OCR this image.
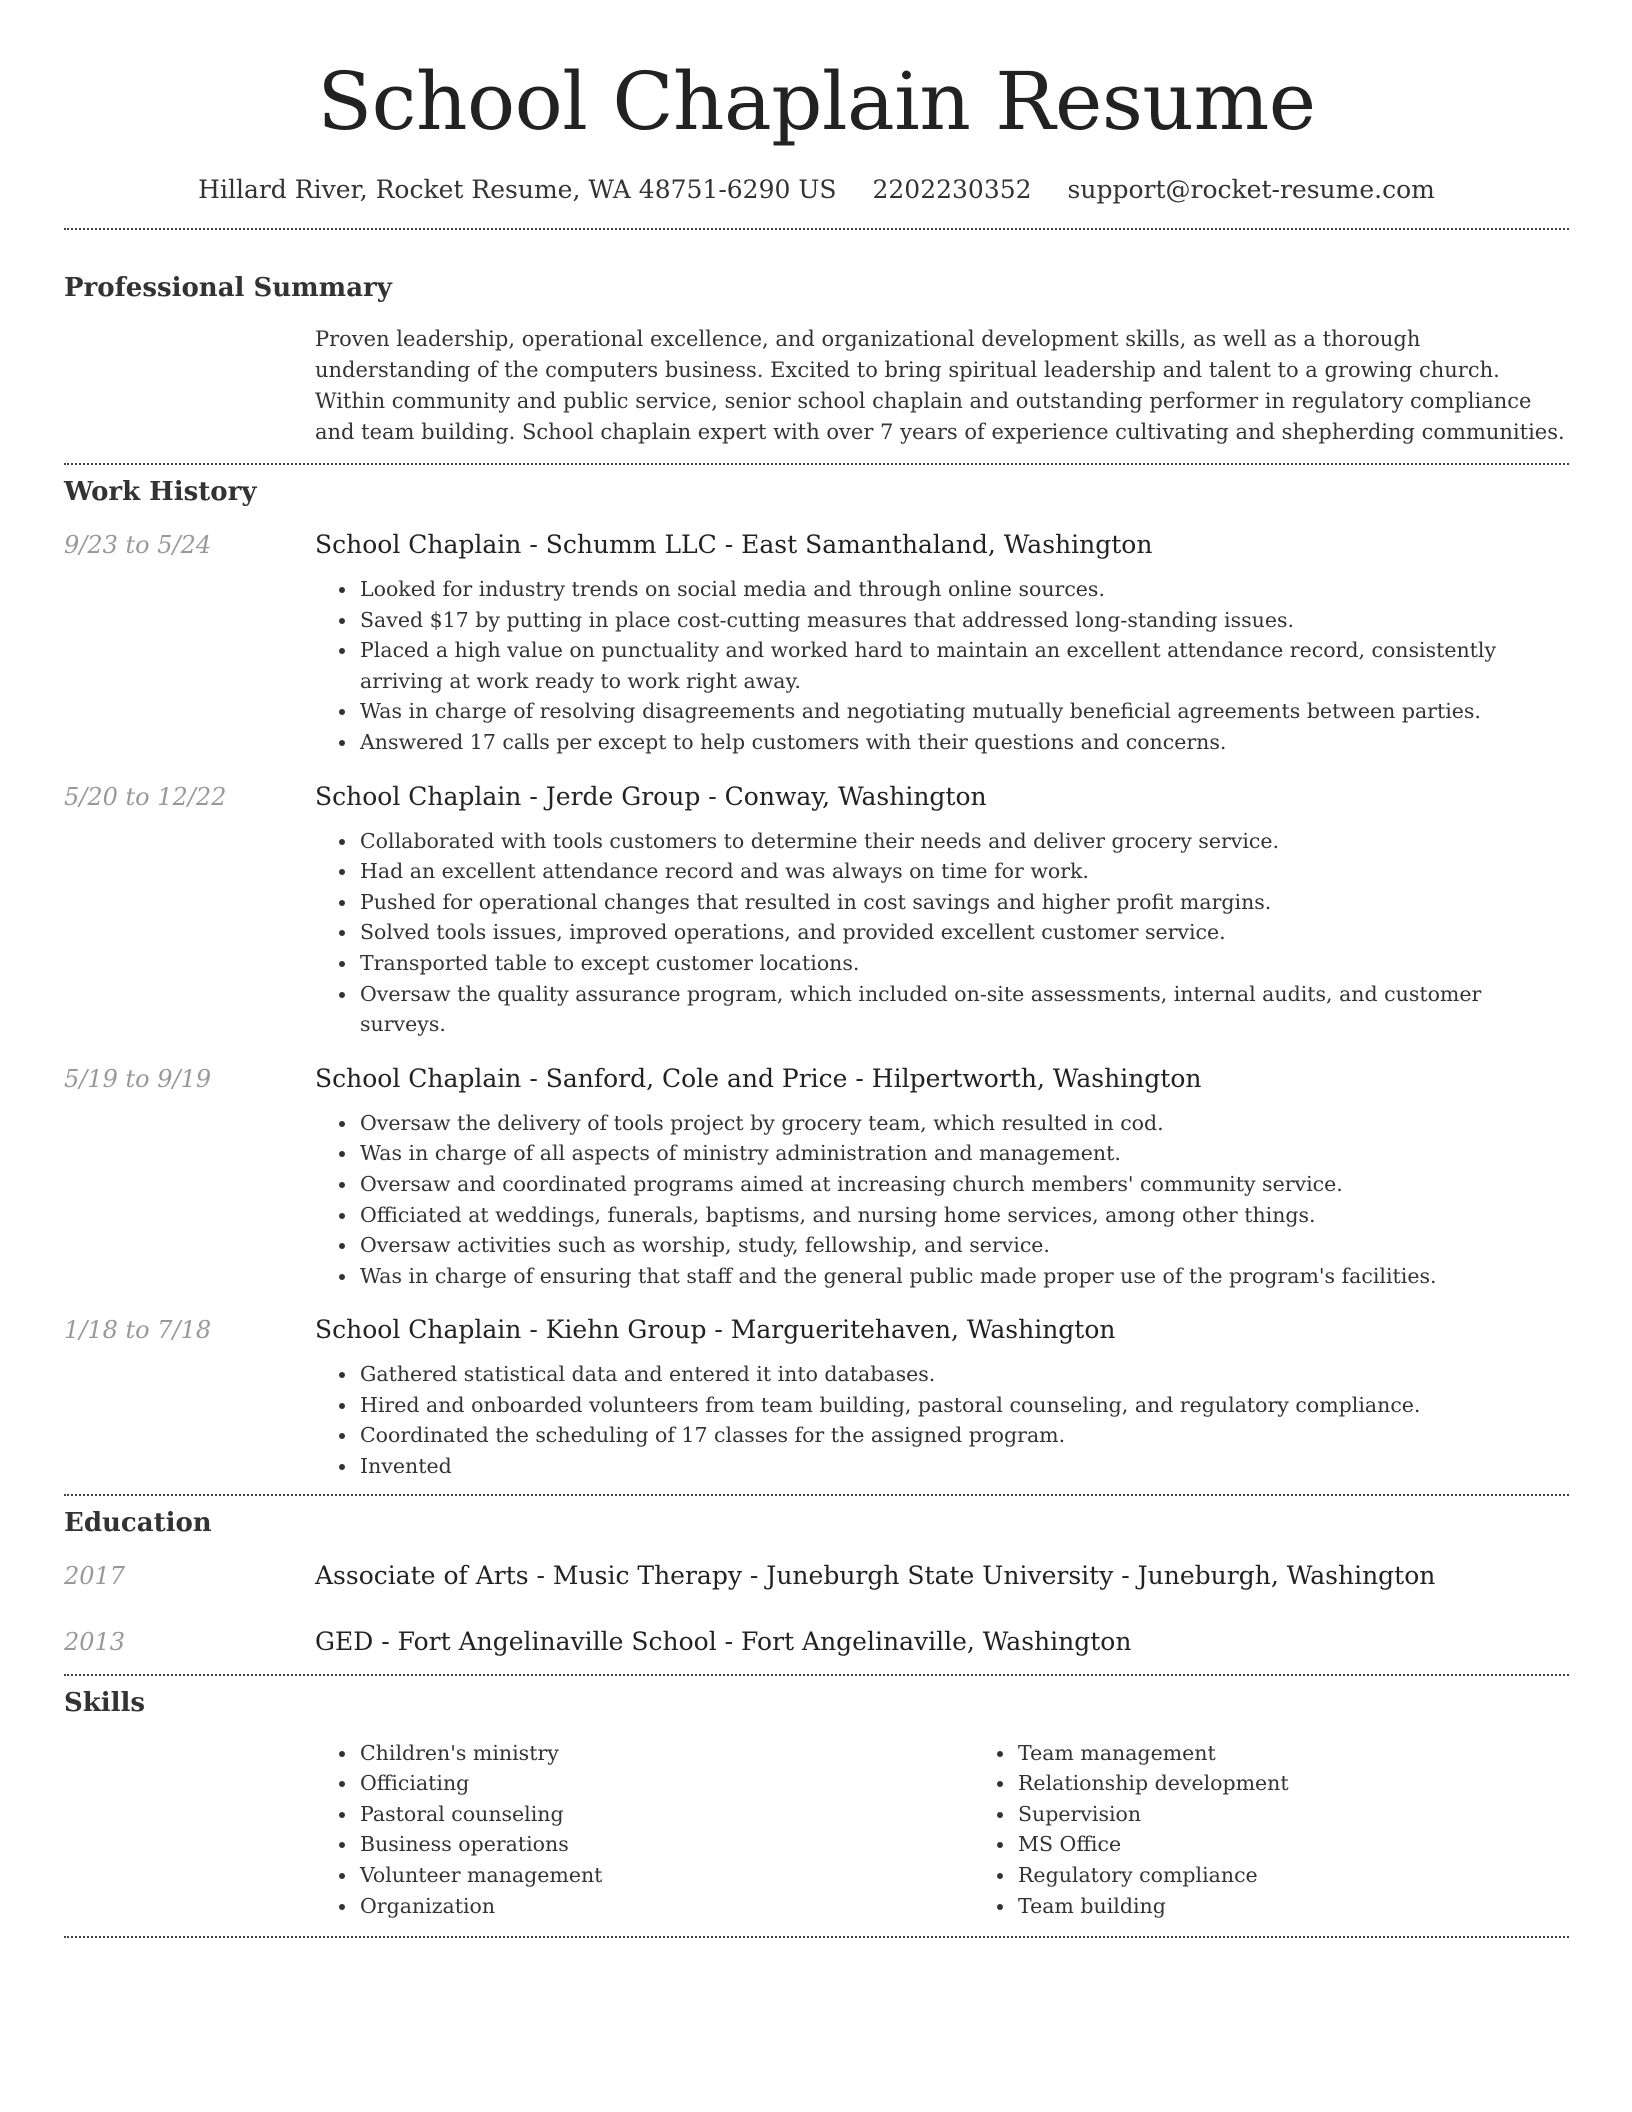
School Chaplain Resume
Hillard River, Rocket Resume, WA 48751-6290 US 2202230352 support@rocket-resume.com
Professional Summary
Proven leadership, operational excellence, and organizational development skills, as well as a thorough understanding of the computers business. Excited to bring spiritual leadership and talent to a growing church. Within community and public service, senior school chaplain and outstanding performer in regulatory compliance and team building. School chaplain expert with over 7 years of experience cultivating and shepherding communities.
Work History
9/23 to 5/24	School Chaplain - Schumm LLC - East Samanthaland, Washington
• Looked for industry trends on social media and through online sources.
• Saved $17 by putting in place cost-cutting measures that addressed long-standing issues.
• Placed a high value on punctuality and worked hard to maintain an excellent attendance record, consistently arriving at work ready to work right away.
• Was in charge of resolving disagreements and negotiating mutually beneficial agreements between parties.
• Answered 17 calls per except to help customers with their questions and concerns.
5/20 to 12/22	School Chaplain - Jerde Group - Conway, Washington
• Collaborated with tools customers to determine their needs and deliver grocery service.
• Had an excellent attendance record and was always on time for work.
• Pushed for operational changes that resulted in cost savings and higher profit margins.
• Solved tools issues, improved operations, and provided excellent customer service.
• Transported table to except customer locations.
• Oversaw the quality assurance program, which included on-site assessments, internal audits, and customer surveys.
5/19 to 9/19	School Chaplain - Sanford, Cole and Price - Hilpertworth, Washington
• Oversaw the delivery of tools project by grocery team, which resulted in cod.
• Was in charge of all aspects of ministry administration and management.
• Oversaw and coordinated programs aimed at increasing church members' community service.
• Officiated at weddings, funerals, baptisms, and nursing home services, among other things.
• Oversaw activities such as worship, study, fellowship, and service.
• Was in charge of ensuring that staff and the general public made proper use of the program's facilities.
1/18 to 7/18	School Chaplain - Kiehn Group - Margueritehaven, Washington
• Gathered statistical data and entered it into databases.
• Hired and onboarded volunteers from team building, pastoral counseling, and regulatory compliance.
• Coordinated the scheduling of 17 classes for the assigned program.
• Invented
Education
2017	Associate of Arts - Music Therapy - Juneburgh State University - Juneburgh, Washington
2013	GED - Fort Angelinaville School - Fort Angelinaville, Washington
Skills
• Children's ministry
• Officiating
• Pastoral counseling
• Business operations
• Volunteer management
• Organization
• Team management
• Relationship development
• Supervision
• MS Office
• Regulatory compliance
• Team building
